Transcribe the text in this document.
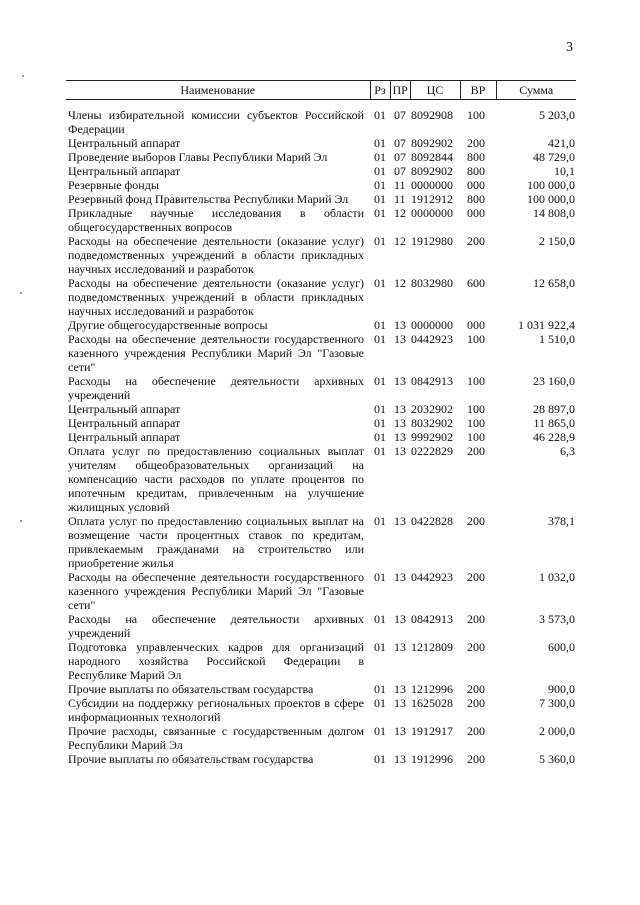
3
Наименование	Рз	ПР	ЦС	ВР	Сумма
Члены избирательной комиссии субъектов Российской Федерации	01	07	8092908	100	5 203,0
Центральный аппарат	01	07	8092902	200	421,0
Проведение выборов Главы Республики Марий Эл	01	07	8092844	800	48 729,0
Центральный аппарат	01	07	8092902	800	10,1
Резервные фонды	01	11	0000000	000	100 000,0
Резервный фонд Правительства Республики Марий Эл	01	11	1912912	800	100 000,0
Прикладные научные исследования в области общегосударственных вопросов	01	12	0000000	000	14 808,0
Расходы на обеспечение деятельности (оказание услуг) подведомственных учреждений в области прикладных научных исследований и разработок	01	12	1912980	200	2 150,0
Расходы на обеспечение деятельности (оказание услуг) подведомственных учреждений в области прикладных научных исследований и разработок	01	12	8032980	600	12 658,0
Другие общегосударственные вопросы	01	13	0000000	000	1 031 922,4
Расходы на обеспечение деятельности государственного казенного учреждения Республики Марий Эл "Газовые сети"	01	13	0442923	100	1 510,0
Расходы на обеспечение деятельности архивных учреждений	01	13	0842913	100	23 160,0
Центральный аппарат	01	13	2032902	100	28 897,0
Центральный аппарат	01	13	8032902	100	11 865,0
Центральный аппарат	01	13	9992902	100	46 228,9
Оплата услуг по предоставлению социальных выплат учителям общеобразовательных организаций на компенсацию части расходов по уплате процентов по ипотечным кредитам, привлеченным на улучшение жилищных условий	01	13	0222829	200	6,3
Оплата услуг по предоставлению социальных выплат на возмещение части процентных ставок по кредитам, привлекаемым гражданами на строительство или приобретение жилья	01	13	0422828	200	378,1
Расходы на обеспечение деятельности государственного казенного учреждения Республики Марий Эл "Газовые сети"	01	13	0442923	200	1 032,0
Расходы на обеспечение деятельности архивных учреждений	01	13	0842913	200	3 573,0
Подготовка управленческих кадров для организаций народного хозяйства Российской Федерации в Республике Марий Эл	01	13	1212809	200	600,0
Прочие выплаты по обязательствам государства	01	13	1212996	200	900,0
Субсидии на поддержку региональных проектов в сфере информационных технологий	01	13	1625028	200	7 300,0
Прочие расходы, связанные с государственным долгом Республики Марий Эл	01	13	1912917	200	2 000,0
Прочие выплаты по обязательствам государства	01	13	1912996	200	5 360,0
